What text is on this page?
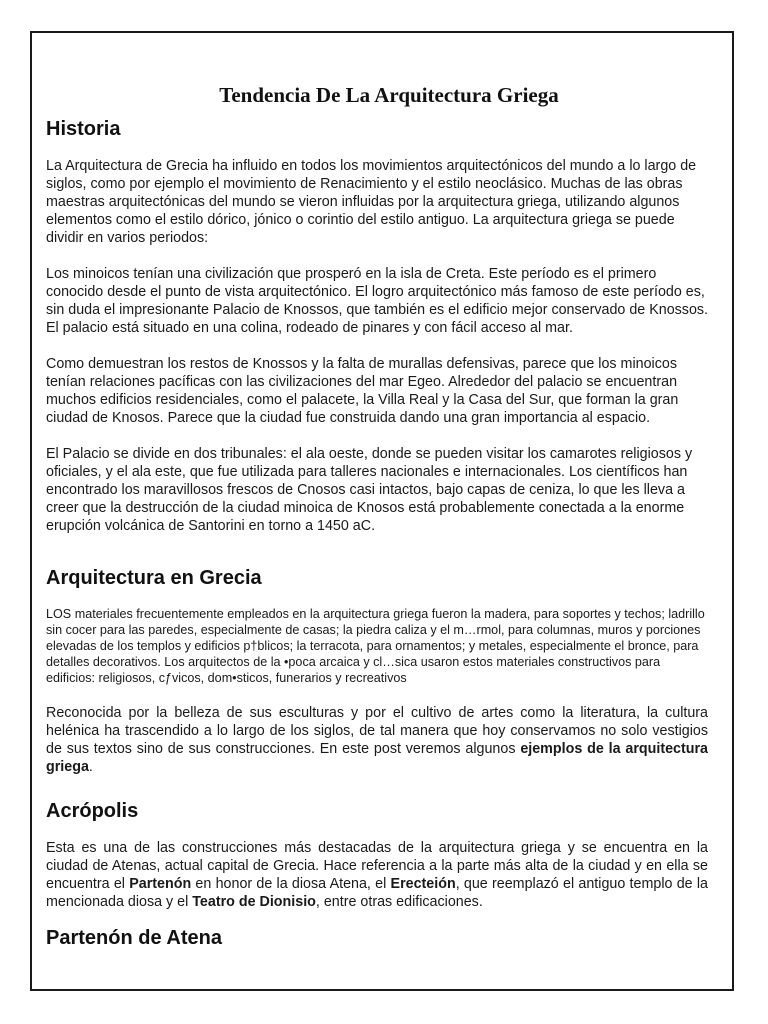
Tendencia De La Arquitectura Griega
Historia

La Arquitectura de Grecia ha influido en todos los movimientos arquitectónicos del mundo a lo largo de siglos, como por ejemplo el movimiento de Renacimiento y el estilo neoclásico. Muchas de las obras maestras arquitectónicas del mundo se vieron influidas por la arquitectura griega, utilizando algunos elementos como el estilo dórico, jónico o corintio del estilo antiguo. La arquitectura griega se puede dividir en varios periodos:

Los minoicos tenían una civilización que prosperó en la isla de Creta. Este período es el primero conocido desde el punto de vista arquitectónico. El logro arquitectónico más famoso de este período es, sin duda el impresionante Palacio de Knossos, que también es el edificio mejor conservado de Knossos. El palacio está situado en una colina, rodeado de pinares y con fácil acceso al mar.

Como demuestran los restos de Knossos y la falta de murallas defensivas, parece que los minoicos tenían relaciones pacíficas con las civilizaciones del mar Egeo. Alrededor del palacio se encuentran muchos edificios residenciales, como el palacete, la Villa Real y la Casa del Sur, que forman la gran ciudad de Knosos. Parece que la ciudad fue construida dando una gran importancia al espacio.

El Palacio se divide en dos tribunales: el ala oeste, donde se pueden visitar los camarotes religiosos y oficiales, y el ala este, que fue utilizada para talleres nacionales e internacionales. Los científicos han encontrado los maravillosos frescos de Cnosos casi intactos, bajo capas de ceniza, lo que les lleva a creer que la destrucción de la ciudad minoica de Knosos está probablemente conectada a la enorme erupción volcánica de Santorini en torno a 1450 aC.

Arquitectura en Grecia

LOS materiales frecuentemente empleados en la arquitectura griega fueron la madera, para soportes y techos; ladrillo sin cocer para las paredes, especialmente de casas; la piedra caliza y el m…rmol, para columnas, muros y porciones elevadas de los templos y edificios p†blicos; la terracota, para ornamentos; y metales, especialmente el bronce, para detalles decorativos. Los arquitectos de la •poca arcaica y cl…sica usaron estos materiales constructivos para edificios: religiosos, cƒvicos, dom•sticos, funerarios y recreativos

Reconocida por la belleza de sus esculturas y por el cultivo de artes como la literatura, la cultura helénica ha trascendido a lo largo de los siglos, de tal manera que hoy conservamos no solo vestigios de sus textos sino de sus construcciones. En este post veremos algunos ejemplos de la arquitectura griega.

Acrópolis

Esta es una de las construcciones más destacadas de la arquitectura griega y se encuentra en la ciudad de Atenas, actual capital de Grecia. Hace referencia a la parte más alta de la ciudad y en ella se encuentra el Partenón en honor de la diosa Atena, el Erecteión, que reemplazó el antiguo templo de la mencionada diosa y el Teatro de Dionisio, entre otras edificaciones.

Partenón de Atena
